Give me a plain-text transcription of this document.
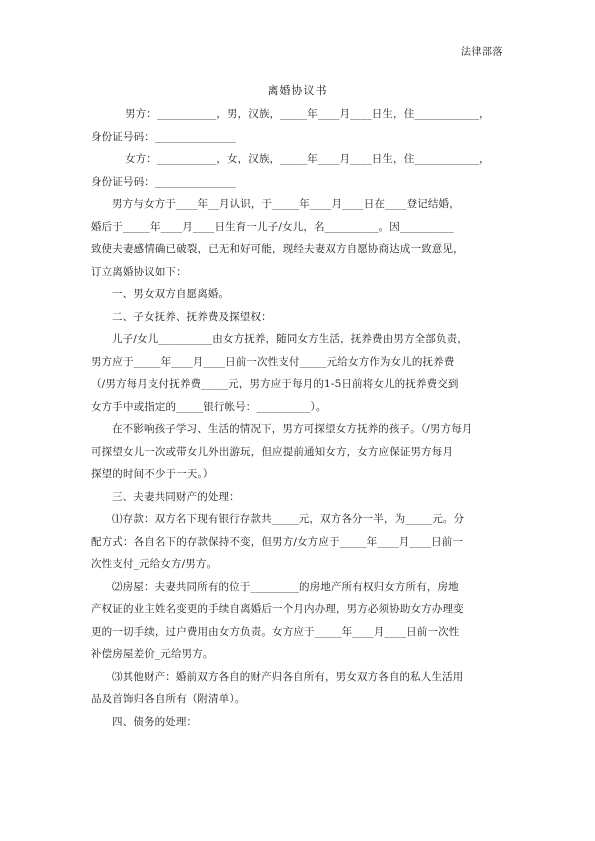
法律部落
离婚协议书

男方：___________，男，汉族，_____年____月____日生，住____________，

身份证号码：_______________

女方：___________，女，汉族，_____年____月____日生，住____________，

身份证号码：_______________

男方与女方于____年__月认识，于_____年____月____日在____登记结婚，

婚后于_____年____月____日生育一儿子/女儿，名__________。因__________

致使夫妻感情确已破裂，已无和好可能，现经夫妻双方自愿协商达成一致意见，

订立离婚协议如下：

一、男女双方自愿离婚。

二、子女抚养、抚养费及探望权：

儿子/女儿__________由女方抚养，随同女方生活，抚养费由男方全部负责，

男方应于_____年____月____日前一次性支付_____元给女方作为女儿的抚养费

（/男方每月支付抚养费_____元，男方应于每月的1-5日前将女儿的抚养费交到

女方手中或指定的_____银行帐号：__________）。

在不影响孩子学习、生活的情况下，男方可探望女方抚养的孩子。（/男方每月

可探望女儿一次或带女儿外出游玩，但应提前通知女方，女方应保证男方每月

探望的时间不少于一天。）

三、夫妻共同财产的处理：

⑴存款：双方名下现有银行存款共_____元，双方各分一半，为_____元。分

配方式：各自名下的存款保持不变，但男方/女方应于_____年____月____日前一

次性支付_元给女方/男方。

⑵房屋：夫妻共同所有的位于_________的房地产所有权归女方所有，房地

产权证的业主姓名变更的手续自离婚后一个月内办理，男方必须协助女方办理变

更的一切手续，过户费用由女方负责。女方应于_____年____月____日前一次性

补偿房屋差价_元给男方。

⑶其他财产：婚前双方各自的财产归各自所有，男女双方各自的私人生活用

品及首饰归各自所有（附清单）。

四、债务的处理：
